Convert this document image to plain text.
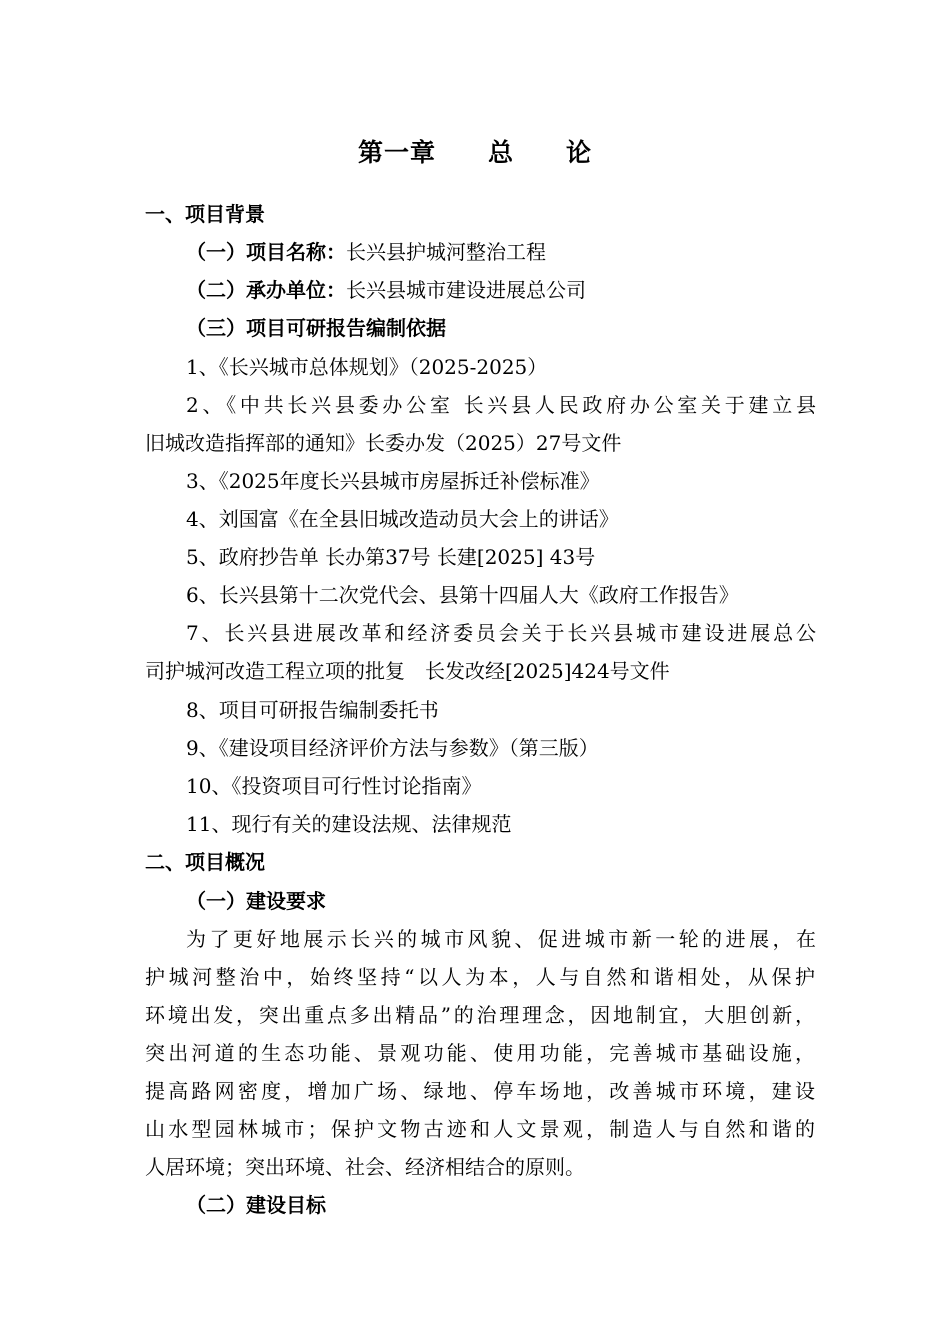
第一章　　总　　论
一、项目背景
（一）项目名称：长兴县护城河整治工程
（二）承办单位：长兴县城市建设进展总公司
（三）项目可研报告编制依据
1、《长兴城市总体规划》（2025-2025）
2、《中共长兴县委办公室 长兴县人民政府办公室关于建立县
旧城改造指挥部的通知》长委办发（2025）27号文件
3、《2025年度长兴县城市房屋拆迁补偿标准》
4、刘国富《在全县旧城改造动员大会上的讲话》
5、政府抄告单 长办第37号 长建[2025] 43号
6、长兴县第十二次党代会、县第十四届人大《政府工作报告》
7、长兴县进展改革和经济委员会关于长兴县城市建设进展总公
司护城河改造工程立项的批复　长发改经[2025]424号文件
8、项目可研报告编制委托书
9、《建设项目经济评价方法与参数》（第三版）
10、《投资项目可行性讨论指南》
11、现行有关的建设法规、法律规范
二、项目概况
（一）建设要求
为了更好地展示长兴的城市风貌、促进城市新一轮的进展，在
护城河整治中，始终坚持“以人为本，人与自然和谐相处，从保护
环境出发，突出重点多出精品”的治理理念，因地制宜，大胆创新，
突出河道的生态功能、景观功能、使用功能，完善城市基础设施，
提高路网密度，增加广场、绿地、停车场地，改善城市环境，建设
山水型园林城市；保护文物古迹和人文景观，制造人与自然和谐的
人居环境；突出环境、社会、经济相结合的原则。
（二）建设目标
